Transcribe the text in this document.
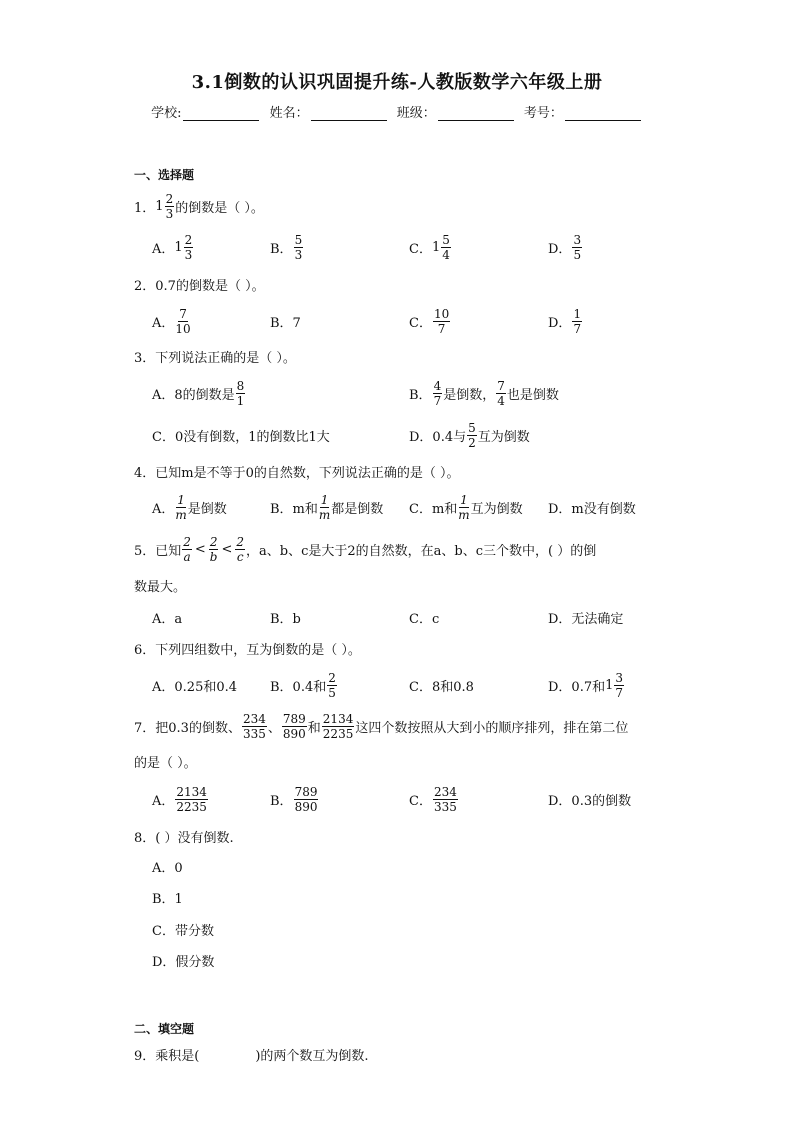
3.1倒数的认识巩固提升练-人教版数学六年级上册
学校:	姓名：	班级：	考号：
一、选择题
1． $1 \frac{2}{3}$ 的倒数是（ ）。
A． $1 \frac{2}{3}$	B． $\frac{5}{3}$	C． $1 \frac{5}{4}$	D． $\frac{3}{5}$
2．0.7的倒数是（ ）。
A． $\frac{7}{10}$	B．7	C． $\frac{10}{7}$	D． $\frac{1}{7}$
3．下列说法正确的是（ ）。
A．8的倒数是 $\frac{8}{1}$	B． $\frac{4}{7}$ 是倒数， $\frac{7}{4}$ 也是倒数
C．0没有倒数，1的倒数比1大	D．0.4与 $\frac{5}{2}$ 互为倒数
4．已知m是不等于0的自然数，下列说法正确的是（ ）。
A． $\frac{1}{m}$ 是倒数	B．m和 $\frac{1}{m}$ 都是倒数 C．m和 $\frac{1}{m}$ 互为倒数 D．m没有倒数
5．已知 $\frac{2}{a} < \frac{2}{b} < \frac{2}{c}$ ，a、b、c是大于2的自然数，在a、b、c三个数中，( ）的倒
数最大。
A．a	B．b	C．c	D．无法确定
6．下列四组数中，互为倒数的是（ ）。
A．0.25和0.4	B．0.4和 $\frac{2}{5}$	C．8和0.8	D．0.7和 $1 \frac{3}{7}$
7．把0.3的倒数、 $\frac{234}{335}$ 、 $\frac{789}{890}$ 和 $\frac{2134}{2235}$ 这四个数按照从大到小的顺序排列，排在第二位
的是（ ）。
A． $\frac{2134}{2235}$	B． $\frac{789}{890}$	C． $\frac{234}{335}$	D．0.3的倒数
8．( ）没有倒数.
A．0
B．1
C．带分数
D．假分数
二、填空题
9．乘积是(	)的两个数互为倒数.
